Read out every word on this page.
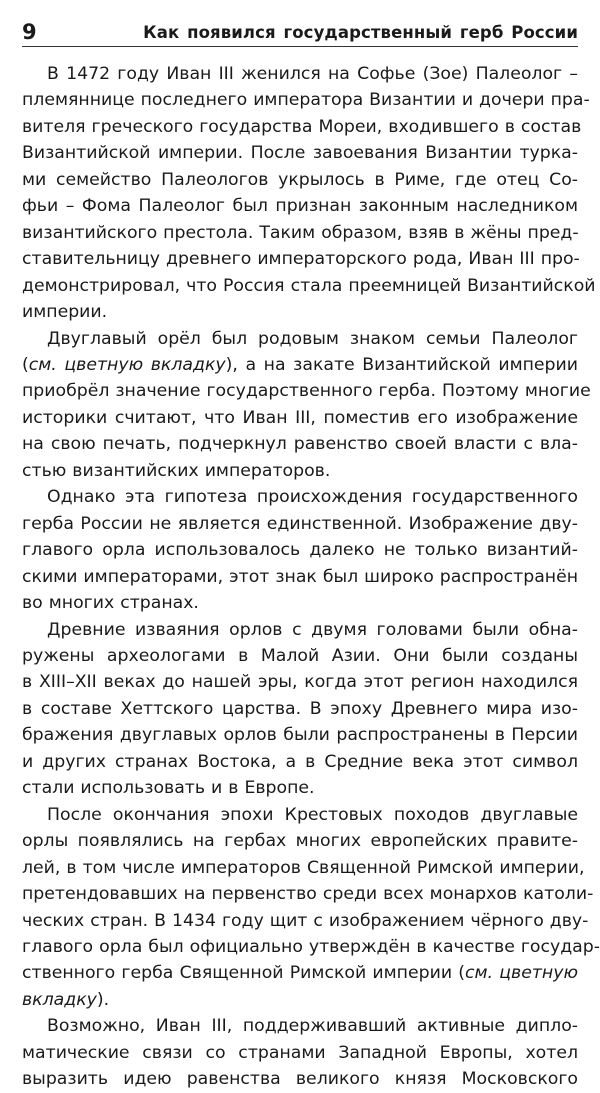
9	Как появился государственный герб России
В 1472 году Иван III женился на Софье (Зое) Палеолог –
племяннице последнего императора Византии и дочери пра-
вителя греческого государства Мореи, входившего в состав
Византийской империи. После завоевания Византии турка-
ми семейство Палеологов укрылось в Риме, где отец Со-
фьи – Фома Палеолог был признан законным наследником
византийского престола. Таким образом, взяв в жёны пред-
ставительницу древнего императорского рода, Иван III про-
демонстрировал, что Россия стала преемницей Византийской
империи.
Двуглавый орёл был родовым знаком семьи Палеолог
(см. цветную вкладку), а на закате Византийской империи
приобрёл значение государственного герба. Поэтому многие
историки считают, что Иван III, поместив его изображение
на свою печать, подчеркнул равенство своей власти с вла-
стью византийских императоров.
Однако эта гипотеза происхождения государственного
герба России не является единственной. Изображение дву-
главого орла использовалось далеко не только византий-
скими императорами, этот знак был широко распространён
во многих странах.
Древние изваяния орлов с двумя головами были обна-
ружены археологами в Малой Азии. Они были созданы
в XIII–XII веках до нашей эры, когда этот регион находился
в составе Хеттского царства. В эпоху Древнего мира изо-
бражения двуглавых орлов были распространены в Персии
и других странах Востока, а в Средние века этот символ
стали использовать и в Европе.
После окончания эпохи Крестовых походов двуглавые
орлы появлялись на гербах многих европейских правите-
лей, в том числе императоров Священной Римской империи,
претендовавших на первенство среди всех монархов католи-
ческих стран. В 1434 году щит с изображением чёрного дву-
главого орла был официально утверждён в качестве государ-
ственного герба Священной Римской империи (см. цветную
вкладку).
Возможно, Иван III, поддерживавший активные дипло-
матические связи со странами Западной Европы, хотел
выразить идею равенства великого князя Московского
